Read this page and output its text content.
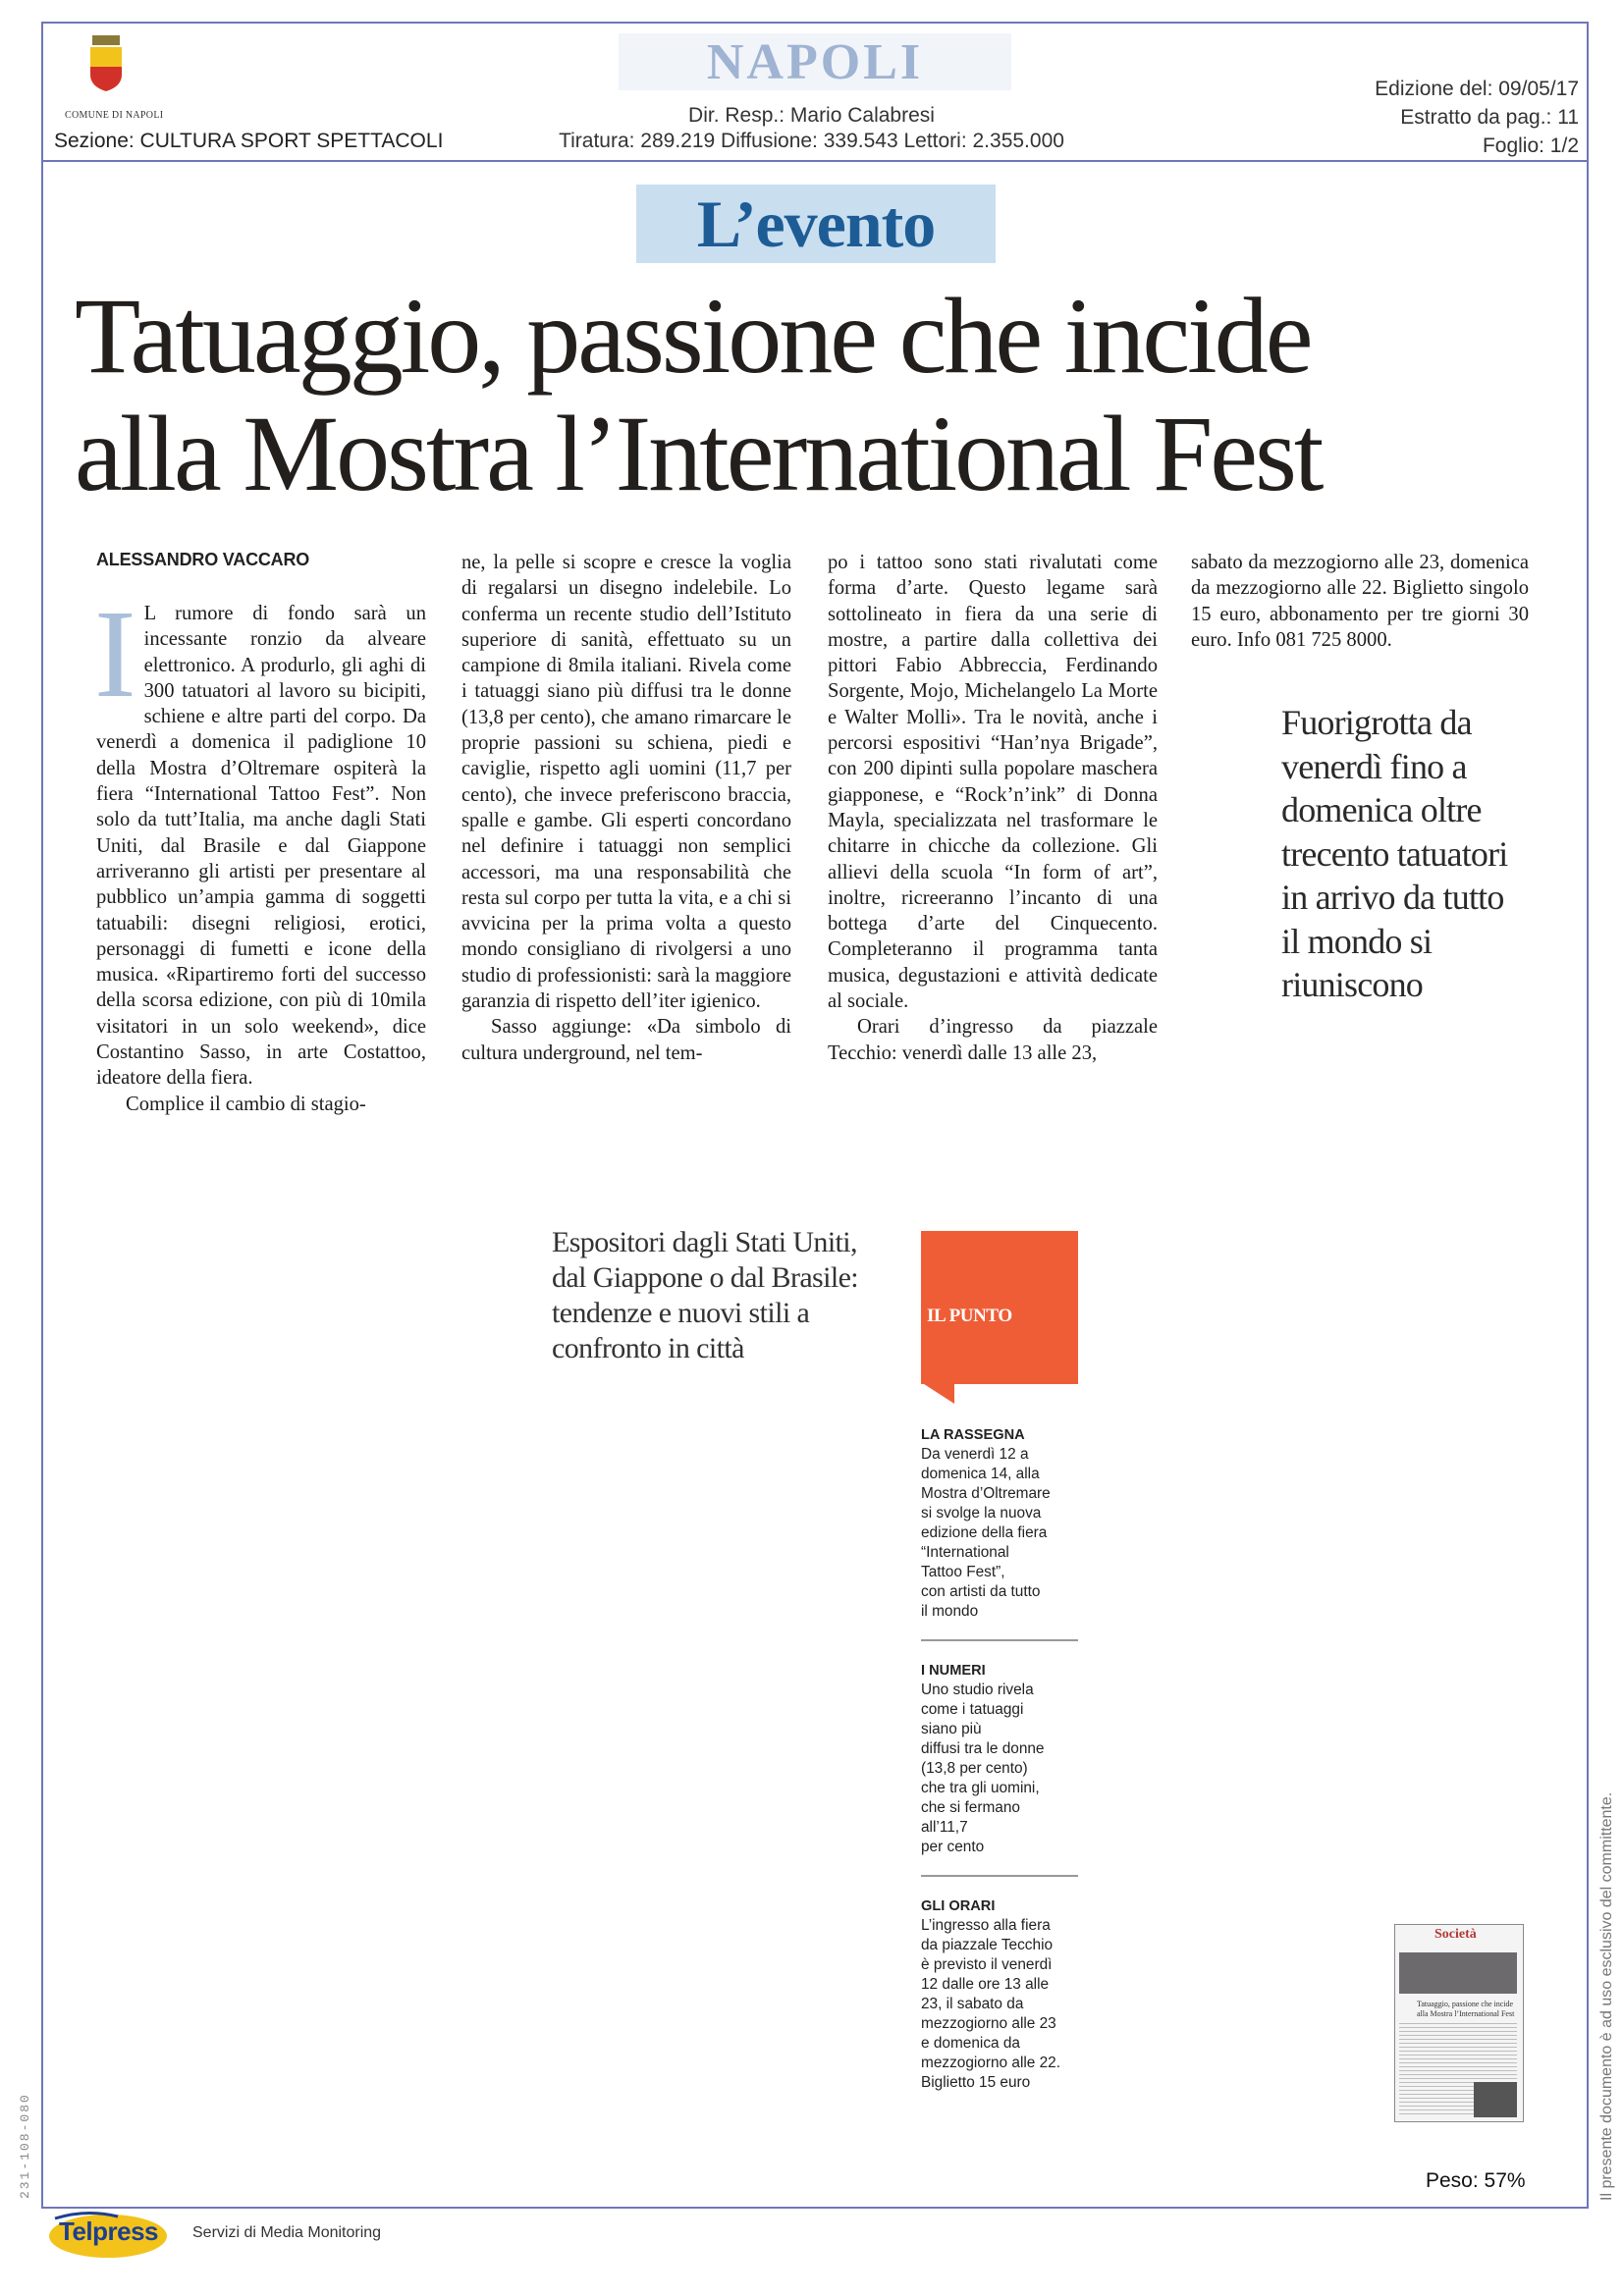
COMUNE DI NAPOLI
Sezione: CULTURA SPORT SPETTACOLI
NAPOLI
Dir. Resp.: Mario Calabresi
Tiratura: 289.219 Diffusione: 339.543 Lettori: 2.355.000
Edizione del: 09/05/17
Estratto da pag.: 11
Foglio: 1/2
L’evento
Tatuaggio, passione che incide
alla Mostra l’International Fest
ALESSANDRO VACCARO
I L rumore di fondo sarà un incessante ronzio da alveare elettronico. A produrlo, gli aghi di 300 tatuatori al lavoro su bicipiti, schiene e altre parti del corpo. Da venerdì a domenica il padiglione 10 della Mostra d’Oltremare ospiterà la fiera “International Tattoo Fest”. Non solo da tutt’Italia, ma anche dagli Stati Uniti, dal Brasile e dal Giappone arriveranno gli artisti per presentare al pubblico un’ampia gamma di soggetti tatuabili: disegni religiosi, erotici, personaggi di fumetti e icone della musica. «Ripartiremo forti del successo della scorsa edizione, con più di 10mila visitatori in un solo weekend», dice Costantino Sasso, in arte Costattoo, ideatore della fiera.

Complice il cambio di stagio-

ne, la pelle si scopre e cresce la voglia di regalarsi un disegno indelebile. Lo conferma un recente studio dell’Istituto superiore di sanità, effettuato su un campione di 8mila italiani. Rivela come i tatuaggi siano più diffusi tra le donne (13,8 per cento), che amano rimarcare le proprie passioni su schiena, piedi e caviglie, rispetto agli uomini (11,7 per cento), che invece preferiscono braccia, spalle e gambe. Gli esperti concordano nel definire i tatuaggi non semplici accessori, ma una responsabilità che resta sul corpo per tutta la vita, e a chi si avvicina per la prima volta a questo mondo consigliano di rivolgersi a uno studio di professionisti: sarà la maggiore garanzia di rispetto dell’iter igienico.

Sasso aggiunge: «Da simbolo di cultura underground, nel tem-

po i tattoo sono stati rivalutati come forma d’arte. Questo legame sarà sottolineato in fiera da una serie di mostre, a partire dalla collettiva dei pittori Fabio Abbreccia, Ferdinando Sorgente, Mojo, Michelangelo La Morte e Walter Molli». Tra le novità, anche i percorsi espositivi “Han’nya Brigade”, con 200 dipinti sulla popolare maschera giapponese, e “Rock’n’ink” di Donna Mayla, specializzata nel trasformare le chitarre in chicche da collezione. Gli allievi della scuola “In form of art”, inoltre, ricreeranno l’incanto di una bottega d’arte del Cinquecento. Completeranno il programma tanta musica, degustazioni e attività dedicate al sociale.

Orari d’ingresso da piazzale Tecchio: venerdì dalle 13 alle 23,

sabato da mezzogiorno alle 23, domenica da mezzogiorno alle 22. Biglietto singolo 15 euro, abbonamento per tre giorni 30 euro. Info 081 725 8000.

Fuorigrotta da venerdì fino a domenica oltre trecento tatuatori in arrivo da tutto il mondo si riuniscono
Espositori dagli Stati Uniti, dal Giappone o dal Brasile: tendenze e nuovi stili a confronto in città
IL PUNTO
LA RASSEGNA
Da venerdì 12 a
domenica 14, alla
Mostra d’Oltremare
si svolge la nuova
edizione della fiera
“International
Tattoo Fest”,
con artisti da tutto
il mondo
I NUMERI
Uno studio rivela
come i tatuaggi
siano più
diffusi tra le donne
(13,8 per cento)
che tra gli uomini,
che si fermano
all’11,7
per cento
GLI ORARI
L’ingresso alla fiera
da piazzale Tecchio
è previsto il venerdì
12 dalle ore 13 alle
23, il sabato da
mezzogiorno alle 23
e domenica da
mezzogiorno alle 22.
Biglietto 15 euro
Società
Tatuaggio, passione che incide alla Mostra l’International Fest
Peso: 57%	Il presente documento è ad uso esclusivo del committente.
231-108-080
Telpress Servizi di Media Monitoring
